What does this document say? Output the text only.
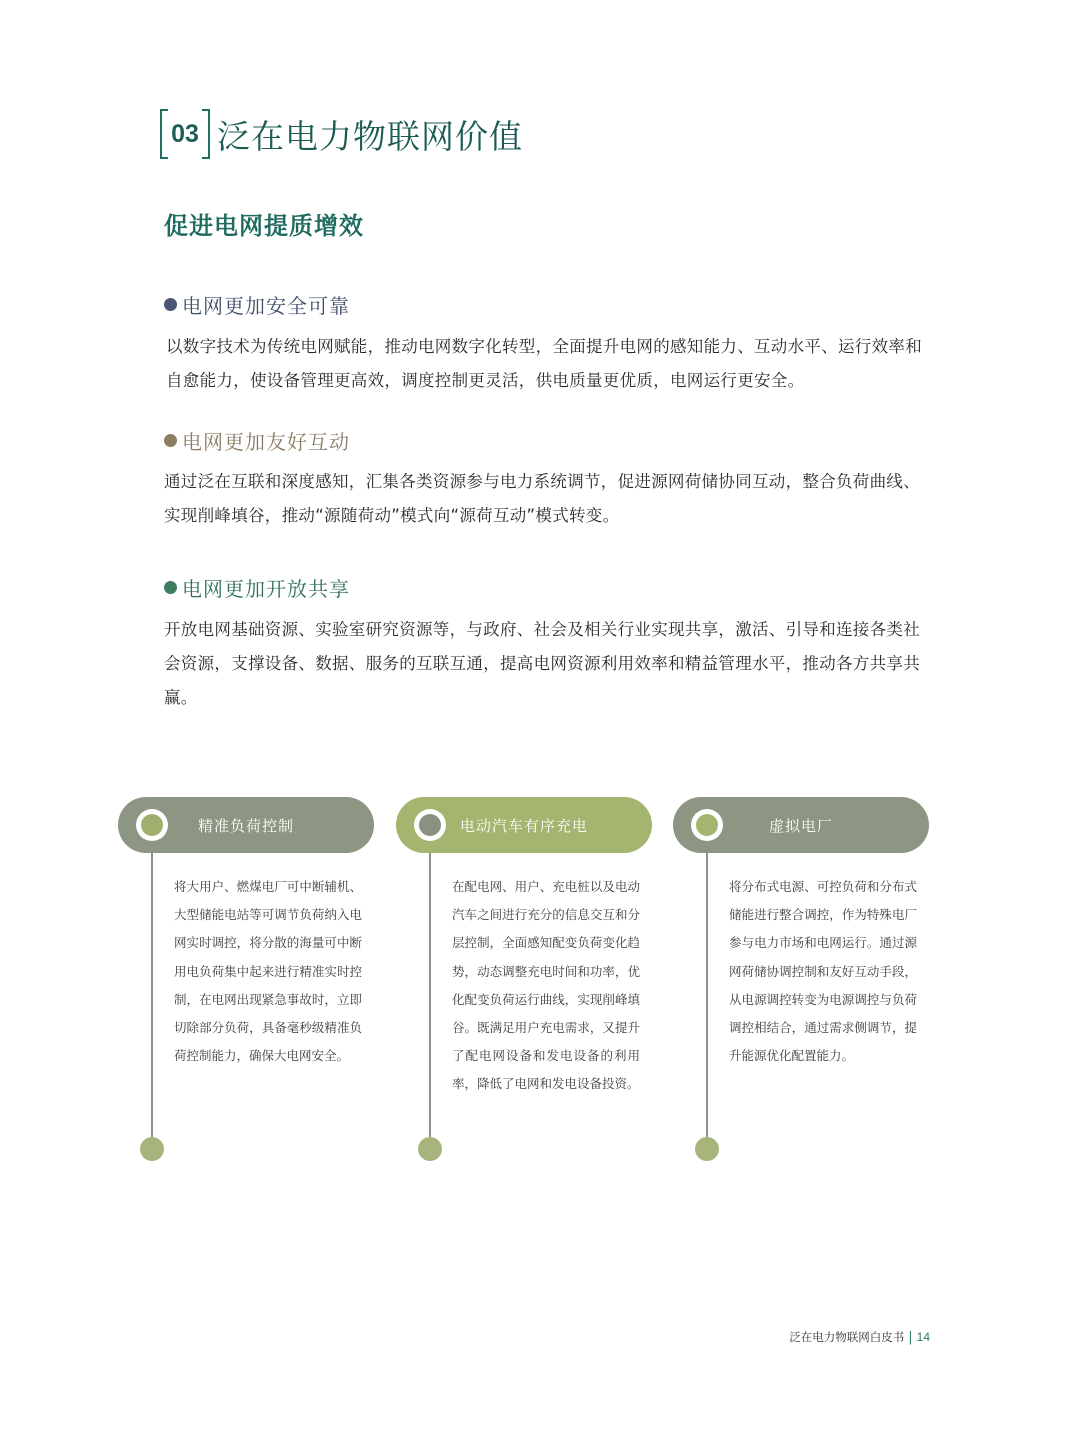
03 泛在电力物联网价值
促进电网提质增效
电网更加安全可靠
以数字技术为传统电网赋能，推动电网数字化转型，全面提升电网的感知能力、互动水平、运行效率和自愈能力，使设备管理更高效，调度控制更灵活，供电质量更优质，电网运行更安全。
电网更加友好互动
通过泛在互联和深度感知，汇集各类资源参与电力系统调节，促进源网荷储协同互动，整合负荷曲线、实现削峰填谷，推动“源随荷动”模式向“源荷互动”模式转变。
电网更加开放共享
开放电网基础资源、实验室研究资源等，与政府、社会及相关行业实现共享，激活、引导和连接各类社会资源，支撑设备、数据、服务的互联互通，提高电网资源利用效率和精益管理水平，推动各方共享共赢。
精准负荷控制
将大用户、燃煤电厂可中断辅机、大型储能电站等可调节负荷纳入电网实时调控，将分散的海量可中断用电负荷集中起来进行精准实时控制，在电网出现紧急事故时，立即切除部分负荷，具备毫秒级精准负荷控制能力，确保大电网安全。
电动汽车有序充电
在配电网、用户、充电桩以及电动汽车之间进行充分的信息交互和分层控制，全面感知配变负荷变化趋势，动态调整充电时间和功率，优化配变负荷运行曲线，实现削峰填谷。既满足用户充电需求，又提升了配电网设备和发电设备的利用率，降低了电网和发电设备投资。
虚拟电厂
将分布式电源、可控负荷和分布式储能进行整合调控，作为特殊电厂参与电力市场和电网运行。通过源网荷储协调控制和友好互动手段，从电源调控转变为电源调控与负荷调控相结合，通过需求侧调节，提升能源优化配置能力。
泛在电力物联网白皮书 | 14
